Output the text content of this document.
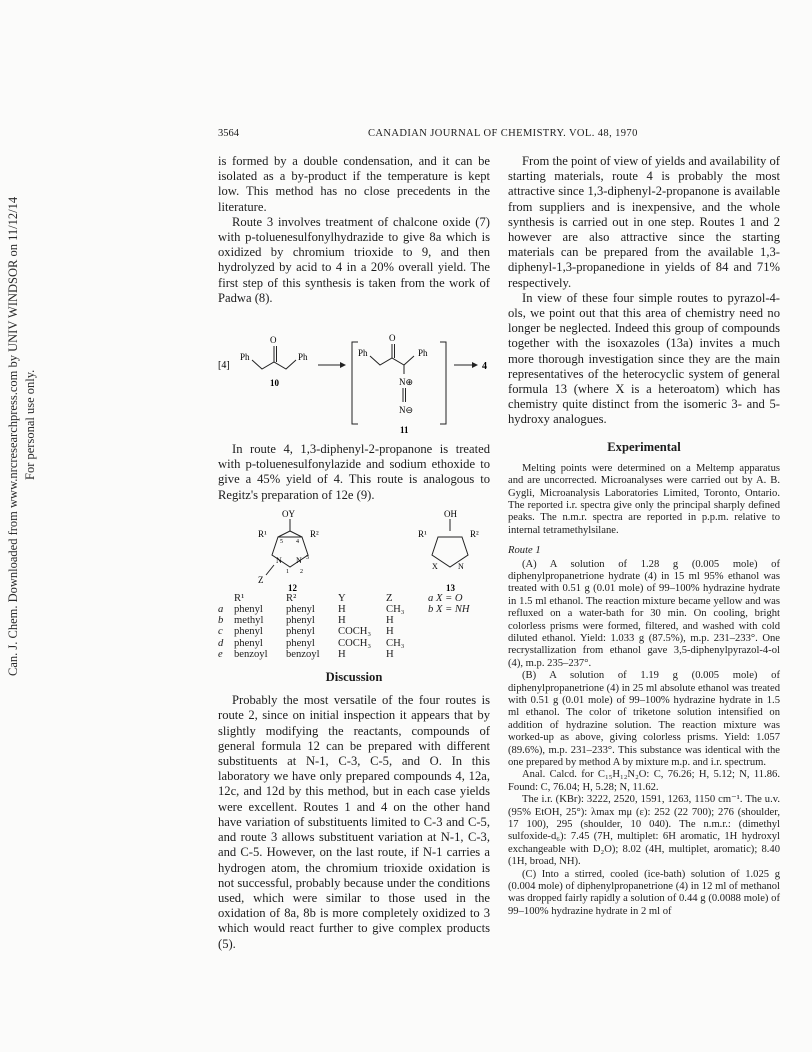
Can. J. Chem. Downloaded from www.nrcresearchpress.com by UNIV WINDSOR on 11/12/14 For personal use only.
3564	CANADIAN JOURNAL OF CHEMISTRY. VOL. 48, 1970

is formed by a double condensation, and it can be isolated as a by-product if the temperature is kept low. This method has no close precedents in the literature.

Route 3 involves treatment of chalcone oxide (7) with p-toluenesulfonylhydrazide to give 8a which is oxidized by chromium trioxide to 9, and then hydrolyzed by acid to 4 in a 20% overall yield. The first step of this synthesis is taken from the work of Padwa (8).

[4]
Ph
O
Ph
10
Ph
O
Ph
N⊕
N⊖
11
4

In route 4, 1,3-diphenyl-2-propanone is treated with p-toluenesulfonylazide and sodium ethoxide to give a 45% yield of 4. This route is analogous to Regitz's preparation of 12e (9).

OY
R¹	R²
5 4
3
1 2
N N
Z
12
OH
R¹	R²
X	N
13
	R¹	R²	Y	Z
a	phenyl	phenyl	H	CH₃
b	methyl	phenyl	H	H
c	phenyl	phenyl	COCH₃	H
d	phenyl	phenyl	COCH₃	CH₃
e	benzoyl	benzoyl	H	H
a X = O
b X = NH
Discussion

Probably the most versatile of the four routes is route 2, since on initial inspection it appears that by slightly modifying the reactants, compounds of general formula 12 can be prepared with different substituents at N-1, C-3, C-5, and O. In this laboratory we have only prepared compounds 4, 12a, 12c, and 12d by this method, but in each case yields were excellent. Routes 1 and 4 on the other hand have variation of substituents limited to C-3 and C-5, and route 3 allows substituent variation at N-1, C-3, and C-5. However, on the last route, if N-1 carries a hydrogen atom, the chromium trioxide oxidation is not successful, probably because under the conditions used, which were similar to those used in the oxidation of 8a, 8b is more completely oxidized to 3 which would react further to give complex products (5).

From the point of view of yields and availability of starting materials, route 4 is probably the most attractive since 1,3-diphenyl-2-propanone is available from suppliers and is inexpensive, and the whole synthesis is carried out in one step. Routes 1 and 2 however are also attractive since the starting materials can be prepared from the available 1,3-diphenyl-1,3-propanedione in yields of 84 and 71% respectively.

In view of these four simple routes to pyrazol-4-ols, we point out that this area of chemistry need no longer be neglected. Indeed this group of compounds together with the isoxazoles (13a) invites a much more thorough investigation since they are the main representatives of the heterocyclic system of general formula 13 (where X is a heteroatom) which has chemistry quite distinct from the isomeric 3- and 5-hydroxy analogues.

Experimental

Melting points were determined on a Meltemp apparatus and are uncorrected. Microanalyses were carried out by A. B. Gygli, Microanalysis Laboratories Limited, Toronto, Ontario. The reported i.r. spectra give only the principal sharply defined peaks. The n.m.r. spectra are reported in p.p.m. relative to internal tetramethylsilane.

Route 1

(A) A solution of 1.28 g (0.005 mole) of diphenylpropanetrione hydrate (4) in 15 ml 95% ethanol was treated with 0.51 g (0.01 mole) of 99–100% hydrazine hydrate in 1.5 ml ethanol. The reaction mixture became yellow and was refluxed on a water-bath for 30 min. On cooling, bright colorless prisms were formed, filtered, and washed with cold diluted ethanol. Yield: 1.033 g (87.5%), m.p. 231–233°. One recrystallization from ethanol gave 3,5-diphenylpyrazol-4-ol (4), m.p. 235–237°.

(B) A solution of 1.19 g (0.005 mole) of diphenylpropanetrione (4) in 25 ml absolute ethanol was treated with 0.51 g (0.01 mole) of 99–100% hydrazine hydrate in 1.5 ml ethanol. The color of triketone solution intensified on addition of hydrazine solution. The reaction mixture was worked-up as above, giving colorless prisms. Yield: 1.057 (89.6%), m.p. 231–233°. This substance was identical with the one prepared by method A by mixture m.p. and i.r. spectrum.

Anal. Calcd. for C₁₅H₁₂N₂O: C, 76.26; H, 5.12; N, 11.86. Found: C, 76.04; H, 5.28; N, 11.62.

The i.r. (KBr): 3222, 2520, 1591, 1263, 1150 cm⁻¹. The u.v. (95% EtOH, 25°): λmax mμ (ε): 252 (22 700); 276 (shoulder, 17 100), 295 (shoulder, 10 040). The n.m.r.: (dimethyl sulfoxide-d₆): 7.45 (7H, multiplet: 6H aromatic, 1H hydroxyl exchangeable with D₂O); 8.02 (4H, multiplet, aromatic); 8.40 (1H, broad, NH).

(C) Into a stirred, cooled (ice-bath) solution of 1.025 g (0.004 mole) of diphenylpropanetrione (4) in 12 ml of methanol was dropped fairly rapidly a solution of 0.44 g (0.0088 mole) of 99–100% hydrazine hydrate in 2 ml of
